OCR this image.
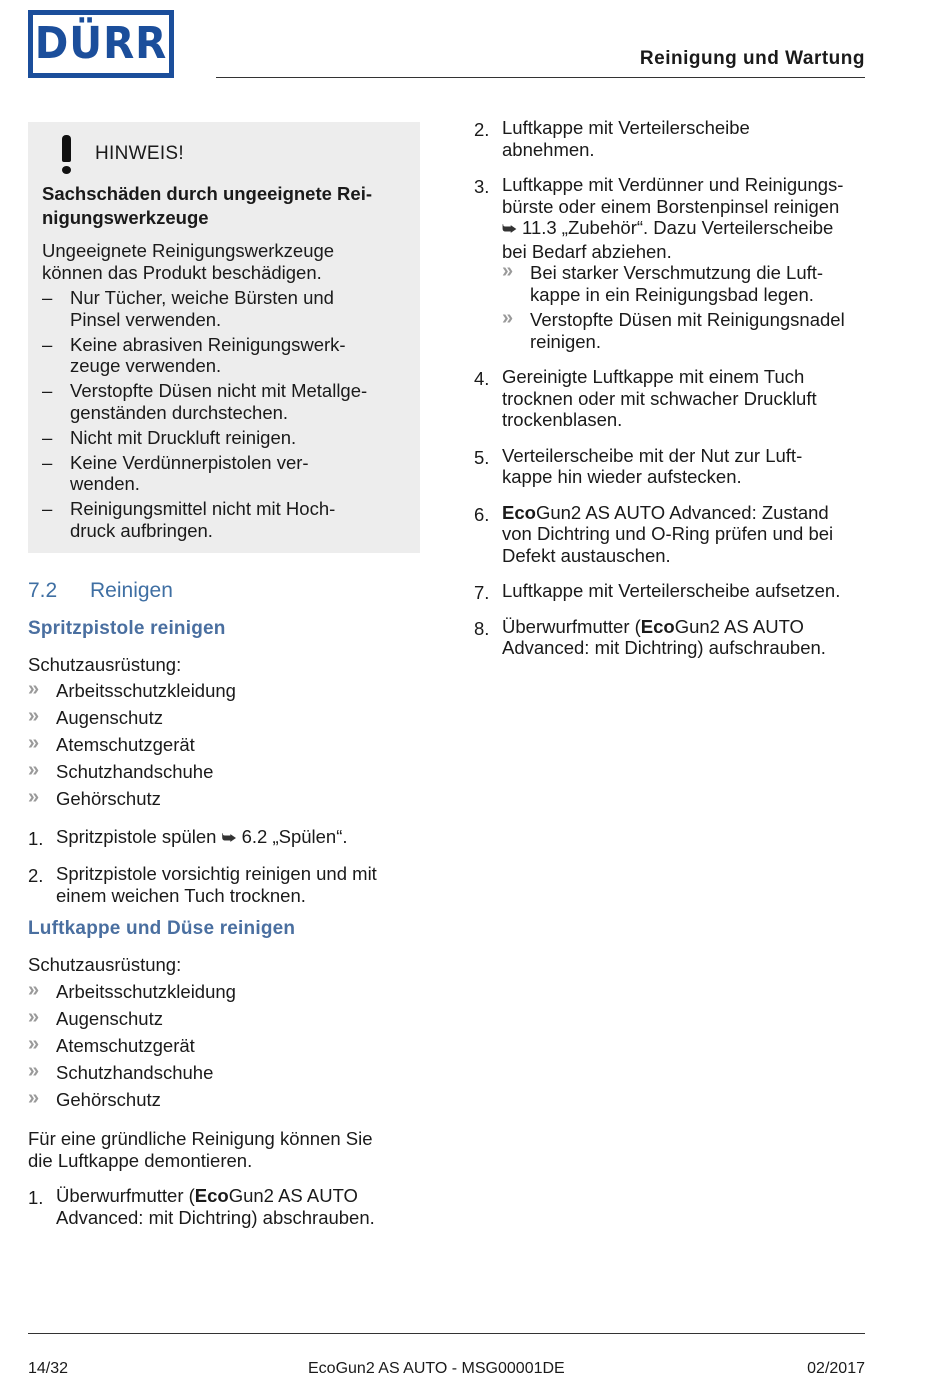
DÜRR	Reinigung und Wartung
HINWEIS!
Sachschäden durch ungeeignete Rei-
nigungswerkzeuge
Ungeeignete Reinigungswerkzeuge
können das Produkt beschädigen.
– Nur Tücher, weiche Bürsten und
Pinsel verwenden.
– Keine abrasiven Reinigungswerk-
zeuge verwenden.
– Verstopfte Düsen nicht mit Metallge-
genständen durchstechen.
– Nicht mit Druckluft reinigen.
– Keine Verdünnerpistolen ver-
wenden.
– Reinigungsmittel nicht mit Hoch-
druck aufbringen.
7.2 Reinigen
Spritzpistole reinigen
Schutzausrüstung:
» Arbeitsschutzkleidung
» Augenschutz
» Atemschutzgerät
» Schutzhandschuhe
» Gehörschutz
1. Spritzpistole spülen ⮩ 6.2 „Spülen“.
2. Spritzpistole vorsichtig reinigen und mit
einem weichen Tuch trocknen.
Luftkappe und Düse reinigen
Schutzausrüstung:
» Arbeitsschutzkleidung
» Augenschutz
» Atemschutzgerät
» Schutzhandschuhe
» Gehörschutz
Für eine gründliche Reinigung können Sie
die Luftkappe demontieren.
1. Überwurfmutter (EcoGun2 AS AUTO
Advanced: mit Dichtring) abschrauben.
2. Luftkappe mit Verteilerscheibe
abnehmen.
3. Luftkappe mit Verdünner und Reinigungs-
bürste oder einem Borstenpinsel reinigen
⮩ 11.3 „Zubehör“. Dazu Verteilerscheibe
bei Bedarf abziehen.
» Bei starker Verschmutzung die Luft-
kappe in ein Reinigungsbad legen.
» Verstopfte Düsen mit Reinigungsnadel
reinigen.
4. Gereinigte Luftkappe mit einem Tuch
trocknen oder mit schwacher Druckluft
trockenblasen.
5. Verteilerscheibe mit der Nut zur Luft-
kappe hin wieder aufstecken.
6. EcoGun2 AS AUTO Advanced: Zustand
von Dichtring und O-Ring prüfen und bei
Defekt austauschen.
7. Luftkappe mit Verteilerscheibe aufsetzen.
8. Überwurfmutter (EcoGun2 AS AUTO
Advanced: mit Dichtring) aufschrauben.
14/32	EcoGun2 AS AUTO - MSG00001DE	02/2017
